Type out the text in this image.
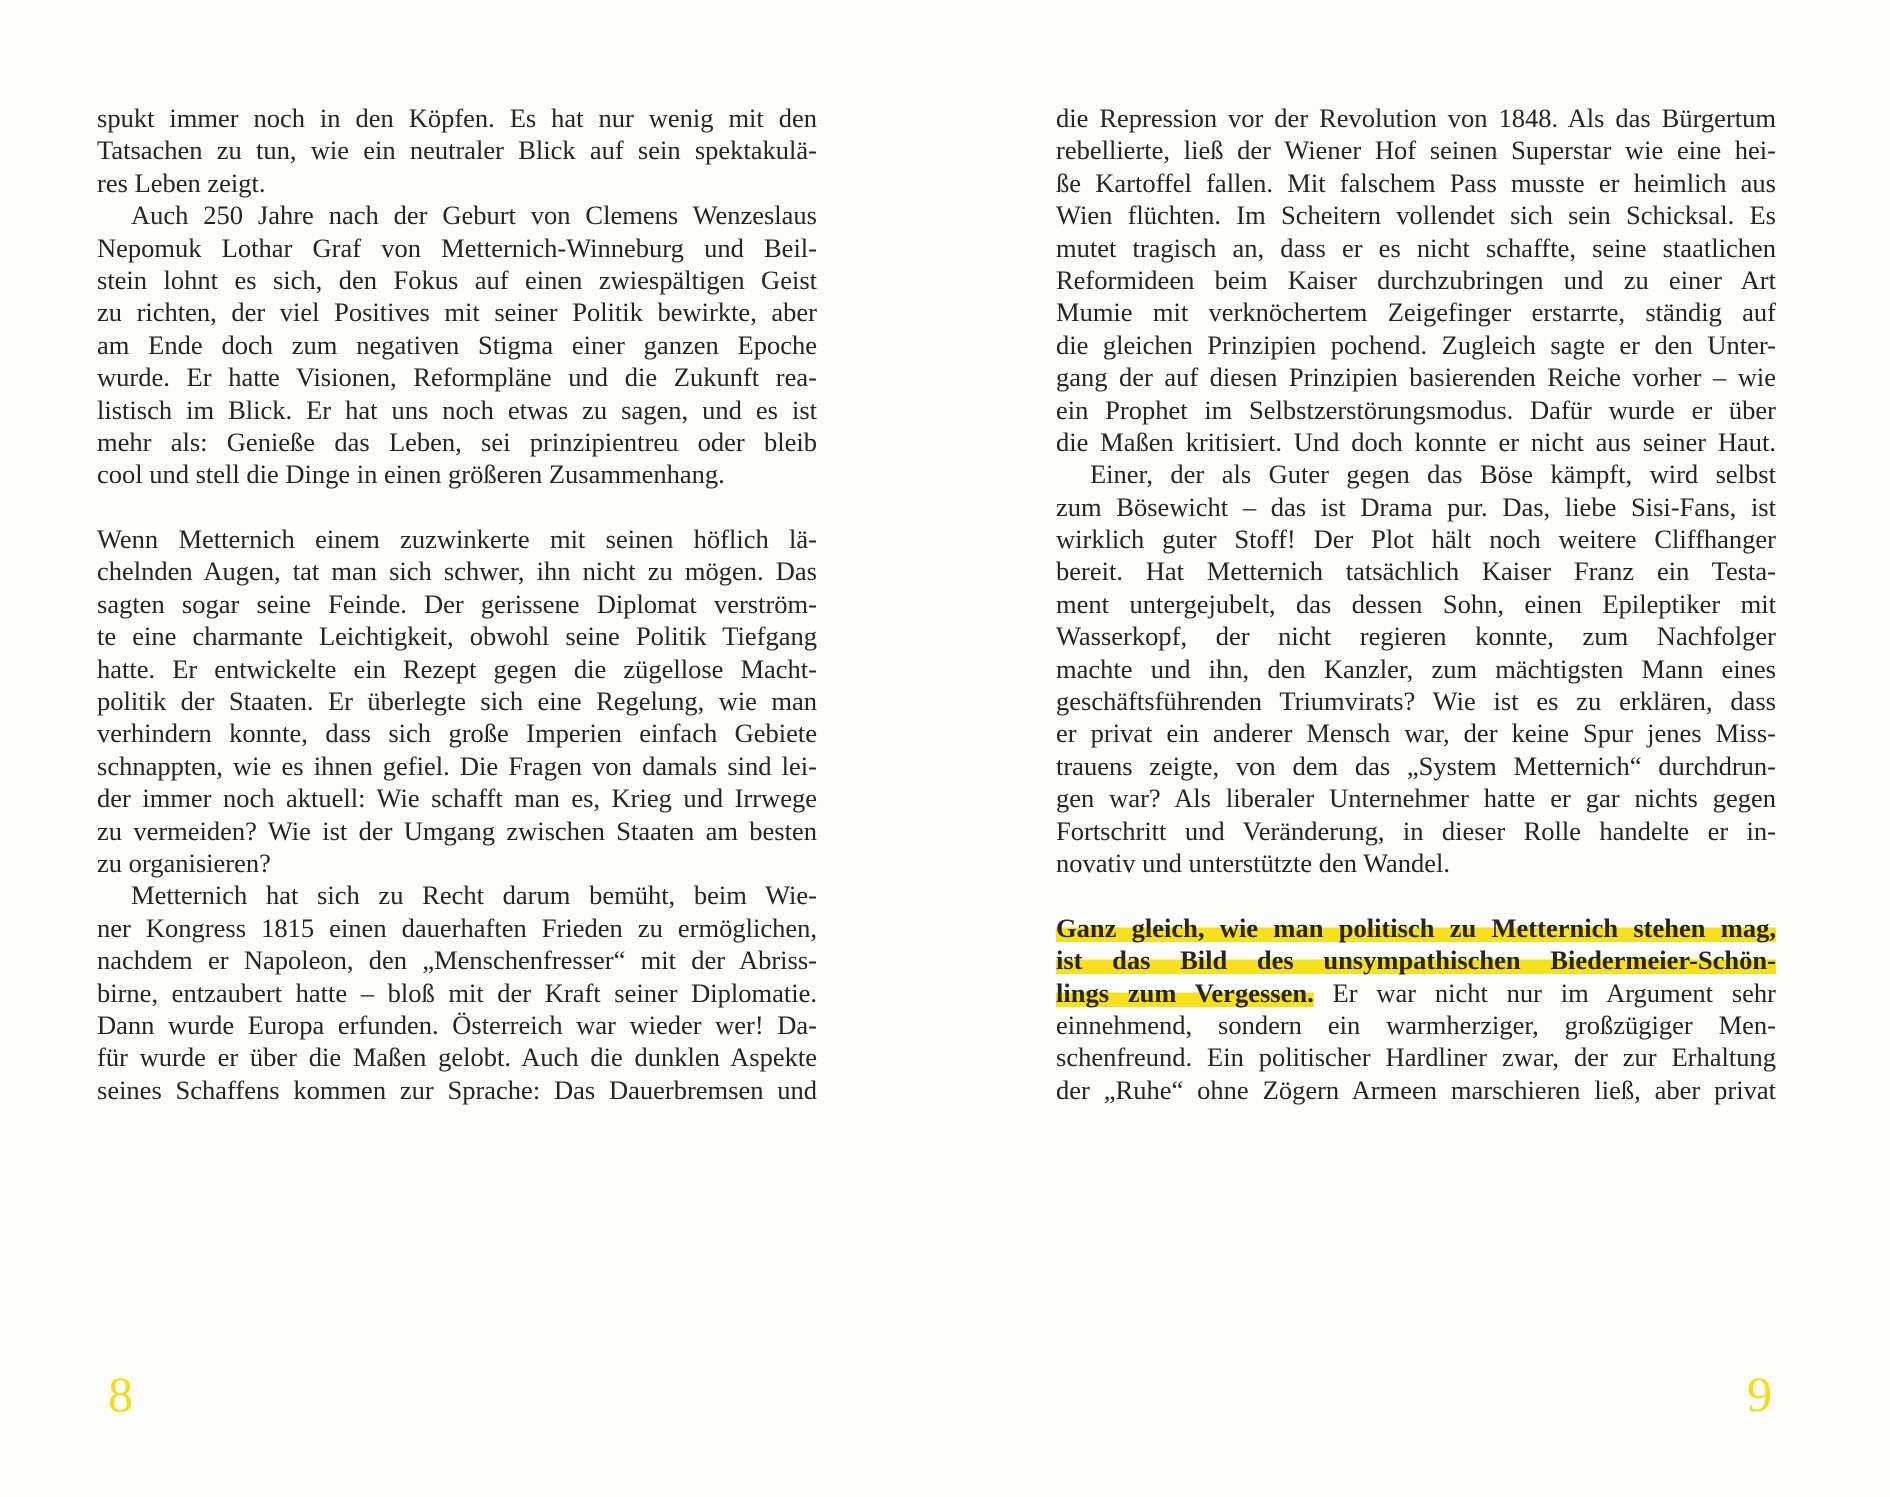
spukt immer noch in den Köpfen. Es hat nur wenig mit den
Tatsachen zu tun, wie ein neutraler Blick auf sein spektakulä-
res Leben zeigt.
Auch 250 Jahre nach der Geburt von Clemens Wenzeslaus
Nepomuk Lothar Graf von Metternich-Winneburg und Beil-
stein lohnt es sich, den Fokus auf einen zwiespältigen Geist
zu richten, der viel Positives mit seiner Politik bewirkte, aber
am Ende doch zum negativen Stigma einer ganzen Epoche
wurde. Er hatte Visionen, Reformpläne und die Zukunft rea-
listisch im Blick. Er hat uns noch etwas zu sagen, und es ist
mehr als: Genieße das Leben, sei prinzipientreu oder bleib
cool und stell die Dinge in einen größeren Zusammenhang.
Wenn Metternich einem zuzwinkerte mit seinen höflich lä-
chelnden Augen, tat man sich schwer, ihn nicht zu mögen. Das
sagten sogar seine Feinde. Der gerissene Diplomat verström-
te eine charmante Leichtigkeit, obwohl seine Politik Tiefgang
hatte. Er entwickelte ein Rezept gegen die zügellose Macht-
politik der Staaten. Er überlegte sich eine Regelung, wie man
verhindern konnte, dass sich große Imperien einfach Gebiete
schnappten, wie es ihnen gefiel. Die Fragen von damals sind lei-
der immer noch aktuell: Wie schafft man es, Krieg und Irrwege
zu vermeiden? Wie ist der Umgang zwischen Staaten am besten
zu organisieren?
Metternich hat sich zu Recht darum bemüht, beim Wie-
ner Kongress 1815 einen dauerhaften Frieden zu ermöglichen,
nachdem er Napoleon, den „Menschenfresser“ mit der Abriss-
birne, entzaubert hatte – bloß mit der Kraft seiner Diplomatie.
Dann wurde Europa erfunden. Österreich war wieder wer! Da-
für wurde er über die Maßen gelobt. Auch die dunklen Aspekte
seines Schaffens kommen zur Sprache: Das Dauerbremsen und
die Repression vor der Revolution von 1848. Als das Bürgertum
rebellierte, ließ der Wiener Hof seinen Superstar wie eine hei-
ße Kartoffel fallen. Mit falschem Pass musste er heimlich aus
Wien flüchten. Im Scheitern vollendet sich sein Schicksal. Es
mutet tragisch an, dass er es nicht schaffte, seine staatlichen
Reformideen beim Kaiser durchzubringen und zu einer Art
Mumie mit verknöchertem Zeigefinger erstarrte, ständig auf
die gleichen Prinzipien pochend. Zugleich sagte er den Unter-
gang der auf diesen Prinzipien basierenden Reiche vorher – wie
ein Prophet im Selbstzerstörungsmodus. Dafür wurde er über
die Maßen kritisiert. Und doch konnte er nicht aus seiner Haut.
Einer, der als Guter gegen das Böse kämpft, wird selbst
zum Bösewicht – das ist Drama pur. Das, liebe Sisi-Fans, ist
wirklich guter Stoff! Der Plot hält noch weitere Cliffhanger
bereit. Hat Metternich tatsächlich Kaiser Franz ein Testa-
ment untergejubelt, das dessen Sohn, einen Epileptiker mit
Wasserkopf, der nicht regieren konnte, zum Nachfolger
machte und ihn, den Kanzler, zum mächtigsten Mann eines
geschäftsführenden Triumvirats? Wie ist es zu erklären, dass
er privat ein anderer Mensch war, der keine Spur jenes Miss-
trauens zeigte, von dem das „System Metternich“ durchdrun-
gen war? Als liberaler Unternehmer hatte er gar nichts gegen
Fortschritt und Veränderung, in dieser Rolle handelte er in-
novativ und unterstützte den Wandel.
Ganz gleich, wie man politisch zu Metternich stehen mag,
ist das Bild des unsympathischen Biedermeier-Schön-
lings zum Vergessen. Er war nicht nur im Argument sehr
einnehmend, sondern ein warmherziger, großzügiger Men-
schenfreund. Ein politischer Hardliner zwar, der zur Erhaltung
der „Ruhe“ ohne Zögern Armeen marschieren ließ, aber privat
8	9
